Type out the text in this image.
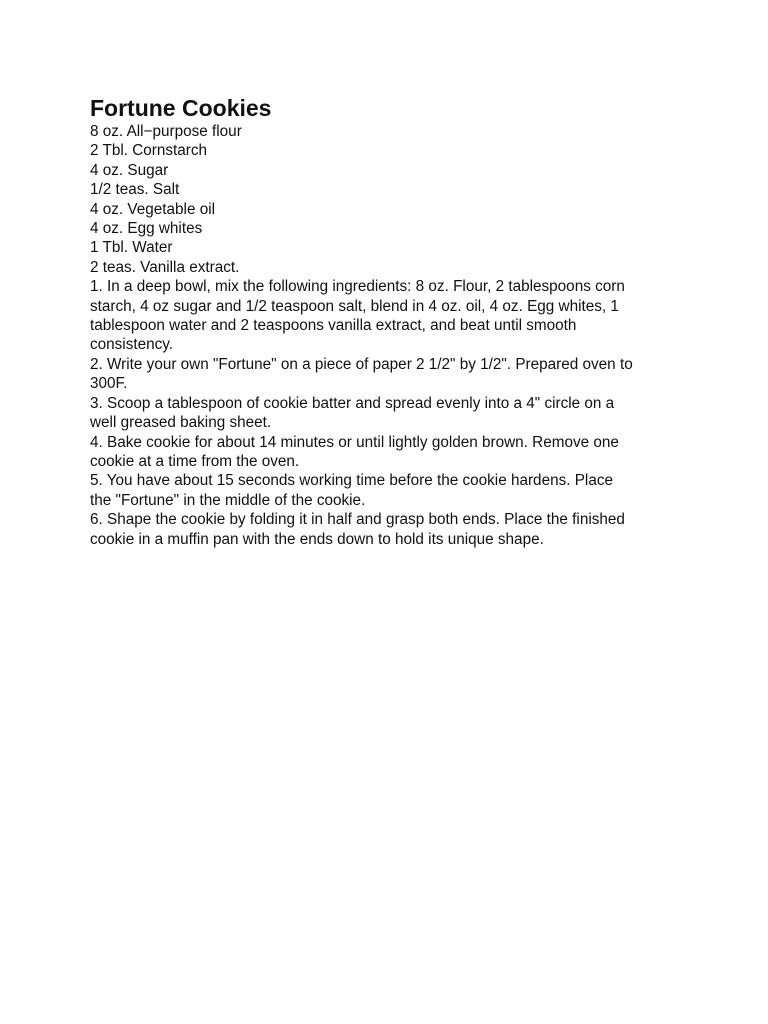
Fortune Cookies
8 oz. All−purpose flour
2 Tbl. Cornstarch
4 oz. Sugar
1/2 teas. Salt
4 oz. Vegetable oil
4 oz. Egg whites
1 Tbl. Water
2 teas. Vanilla extract.
1. In a deep bowl, mix the following ingredients: 8 oz. Flour, 2 tablespoons corn starch, 4 oz sugar and 1/2 teaspoon salt, blend in 4 oz. oil, 4 oz. Egg whites, 1 tablespoon water and 2 teaspoons vanilla extract, and beat until smooth consistency.
2. Write your own "Fortune" on a piece of paper 2 1/2" by 1/2". Prepared oven to 300F.
3. Scoop a tablespoon of cookie batter and spread evenly into a 4" circle on a well greased baking sheet.
4. Bake cookie for about 14 minutes or until lightly golden brown. Remove one cookie at a time from the oven.
5. You have about 15 seconds working time before the cookie hardens. Place the "Fortune" in the middle of the cookie.
6. Shape the cookie by folding it in half and grasp both ends. Place the finished cookie in a muffin pan with the ends down to hold its unique shape.
